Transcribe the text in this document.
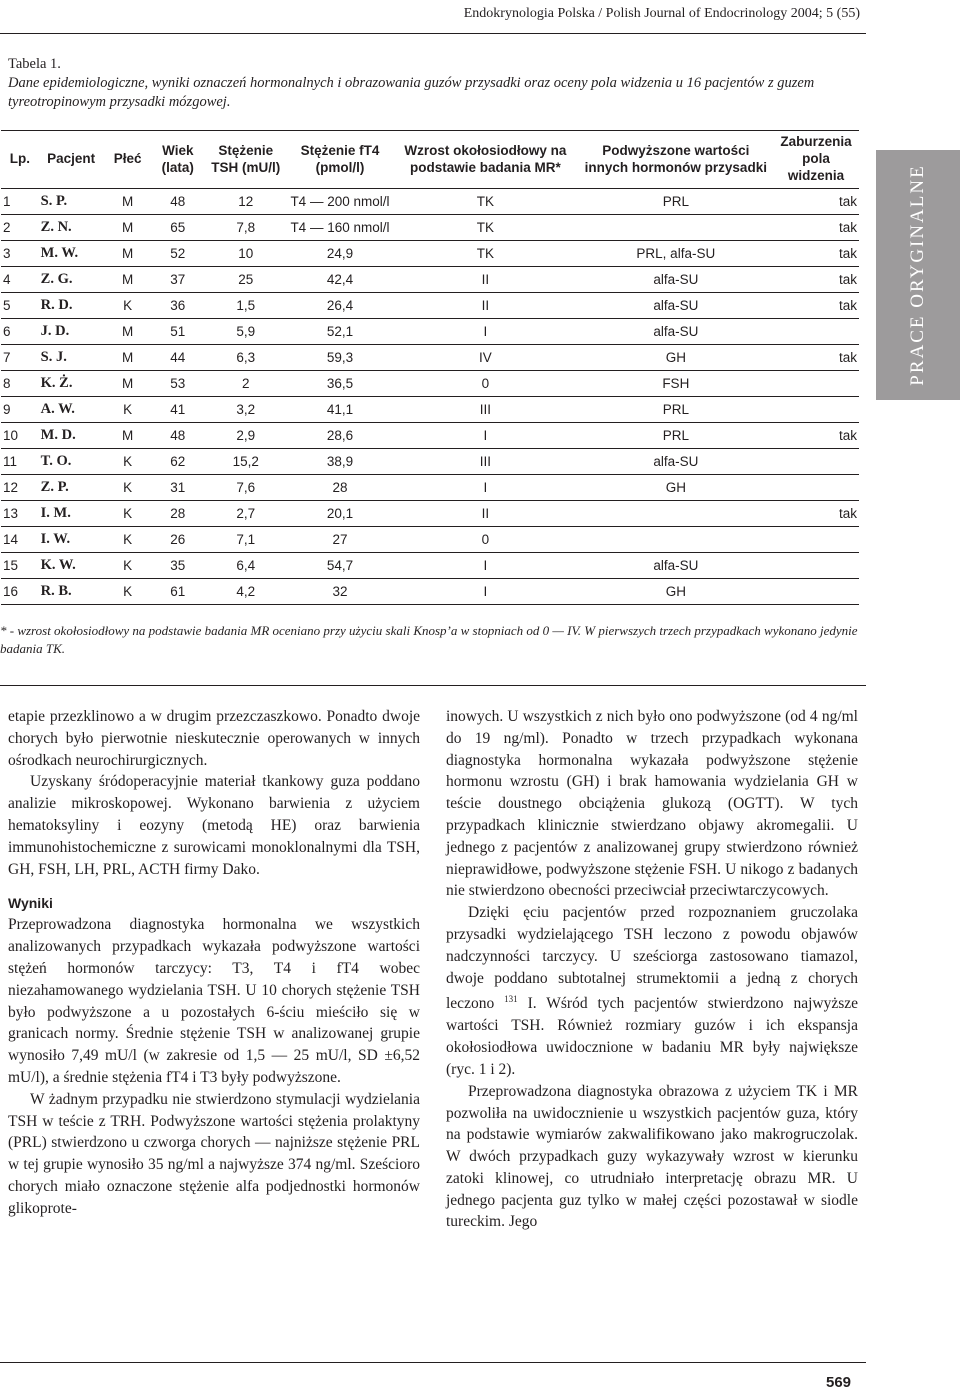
Endokrynologia Polska / Polish Journal of Endocrinology 2004; 5 (55)
Tabela 1.
Dane epidemiologiczne, wyniki oznaczeń hormonalnych i obrazowania guzów przysadki oraz oceny pola widzenia u 16 pacjentów z guzem tyreotropinowym przysadki mózgowej.
Lp.	Pacjent	Płeć	Wiek (lata)	Stężenie TSH (mU/l)	Stężenie fT4 (pmol/l)	Wzrost okołosiodłowy na podstawie badania MR*	Podwyższone wartości innych hormonów przysadki	Zaburzenia pola widzenia
1	S. P.	M	48	12	T4 — 200 nmol/l	TK	PRL	tak
2	Z. N.	M	65	7,8	T4 — 160 nmol/l	TK		tak
3	M. W.	M	52	10	24,9	TK	PRL, alfa-SU	tak
4	Z. G.	M	37	25	42,4	II	alfa-SU	tak
5	R. D.	K	36	1,5	26,4	II	alfa-SU	tak
6	J. D.	M	51	5,9	52,1	I	alfa-SU	
7	S. J.	M	44	6,3	59,3	IV	GH	tak
8	K. Ż.	M	53	2	36,5	0	FSH	
9	A. W.	K	41	3,2	41,1	III	PRL	
10	M. D.	M	48	2,9	28,6	I	PRL	tak
11	T. O.	K	62	15,2	38,9	III	alfa-SU	
12	Z. P.	K	31	7,6	28	I	GH	
13	I. M.	K	28	2,7	20,1	II		tak
14	I. W.	K	26	7,1	27	0		
15	K. W.	K	35	6,4	54,7	I	alfa-SU	
16	R. B.	K	61	4,2	32	I	GH	
* - wzrost okołosiodłowy na podstawie badania MR oceniano przy użyciu skali Knosp’a w stopniach od 0 — IV. W pierwszych trzech przypadkach wykonano jedynie badania TK.
PRACE ORYGINALNE

etapie przezklinowo a w drugim przezczaszkowo. Ponadto dwoje chorych było pierwotnie nieskutecznie operowanych w innych ośrodkach neurochirurgicznych.

Uzyskany śródoperacyjnie materiał tkankowy guza poddano analizie mikroskopowej. Wykonano barwienia z użyciem hematoksyliny i eozyny (metodą HE) oraz barwienia immunohistochemiczne z surowicami monoklonalnymi dla TSH, GH, FSH, LH, PRL, ACTH firmy Dako.

Wyniki

Przeprowadzona diagnostyka hormonalna we wszystkich analizowanych przypadkach wykazała podwyższone wartości stężeń hormonów tarczycy: T3, T4 i fT4 wobec niezahamowanego wydzielania TSH. U 10 chorych stężenie TSH było podwyższone a u pozostałych 6-ściu mieściło się w granicach normy. Średnie stężenie TSH w analizowanej grupie wynosiło 7,49 mU/l (w zakresie od 1,5 — 25 mU/l, SD ±6,52 mU/l), a średnie stężenia fT4 i T3 były podwyższone.

W żadnym przypadku nie stwierdzono stymulacji wydzielania TSH w teście z TRH. Podwyższone wartości stężenia prolaktyny (PRL) stwierdzono u czworga chorych — najniższe stężenie PRL w tej grupie wynosiło 35 ng/ml a najwyższe 374 ng/ml. Sześcioro chorych miało oznaczone stężenie alfa podjednostki hormonów glikoprote-

inowych. U wszystkich z nich było ono podwyższone (od 4 ng/ml do 19 ng/ml). Ponadto w trzech przypadkach wykonana diagnostyka hormonalna wykazała podwyższone stężenie hormonu wzrostu (GH) i brak hamowania wydzielania GH w teście doustnego obciążenia glukozą (OGTT). W tych przypadkach klinicznie stwierdzano objawy akromegalii. U jednego z pacjentów z analizowanej grupy stwierdzono również nieprawidłowe, podwyższone stężenie FSH. U nikogo z badanych nie stwierdzono obecności przeciwciał przeciwtarczycowych.

Dzięki ęciu pacjentów przed rozpoznaniem gruczolaka przysadki wydzielającego TSH leczono z powodu objawów nadczynności tarczycy. U sześciorga zastosowano tiamazol, dwoje poddano subtotalnej strumektomii a jedną z chorych leczono $^{131}$ I. Wśród tych pacjentów stwierdzono najwyższe wartości TSH. Również rozmiary guzów i ich ekspansja okołosiodłowa uwidocznione w badaniu MR były największe (ryc. 1 i 2).

Przeprowadzona diagnostyka obrazowa z użyciem TK i MR pozwoliła na uwidocznienie u wszystkich pacjentów guza, który na podstawie wymiarów zakwalifikowano jako makrogruczolak. W dwóch przypadkach guzy wykazywały wzrost w kierunku zatoki klinowej, co utrudniało interpretację obrazu MR. U jednego pacjenta guz tylko w małej części pozostawał w siodle tureckim. Jego

569
